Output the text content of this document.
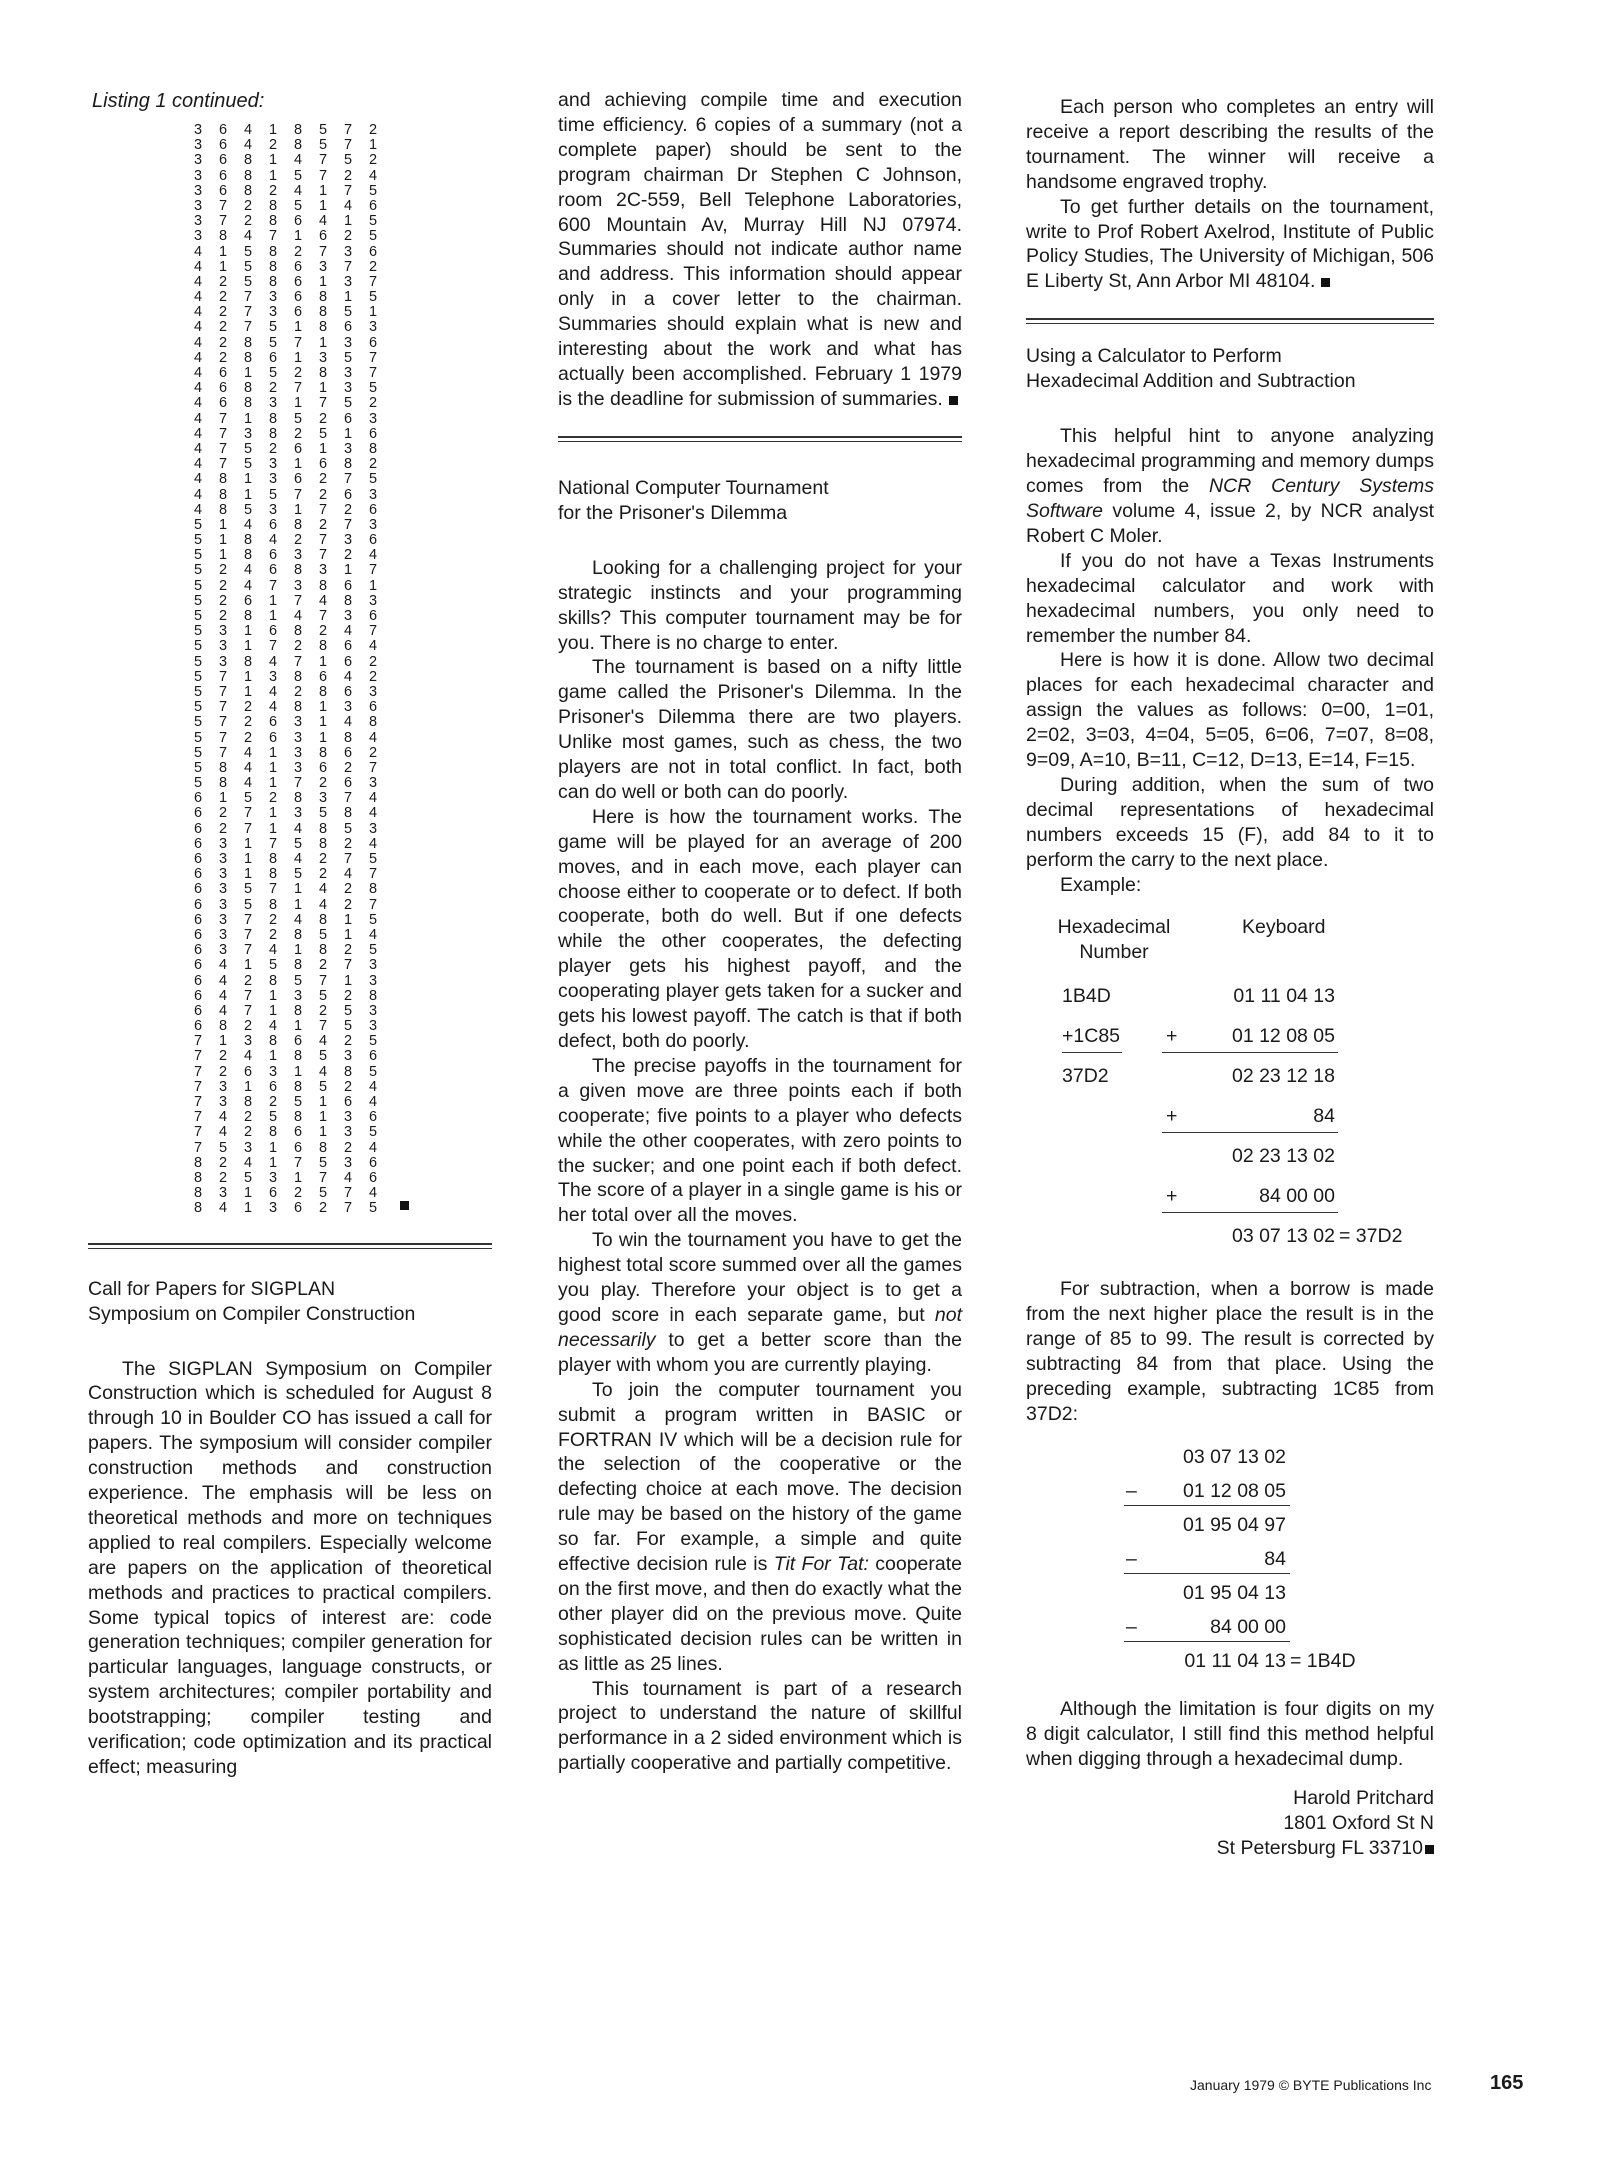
Listing 1 continued:
3	6	4	1	8	5	7	2
3	6	4	2	8	5	7	1
3	6	8	1	4	7	5	2
3	6	8	1	5	7	2	4
3	6	8	2	4	1	7	5
3	7	2	8	5	1	4	6
3	7	2	8	6	4	1	5
3	8	4	7	1	6	2	5
4	1	5	8	2	7	3	6
4	1	5	8	6	3	7	2
4	2	5	8	6	1	3	7
4	2	7	3	6	8	1	5
4	2	7	3	6	8	5	1
4	2	7	5	1	8	6	3
4	2	8	5	7	1	3	6
4	2	8	6	1	3	5	7
4	6	1	5	2	8	3	7
4	6	8	2	7	1	3	5
4	6	8	3	1	7	5	2
4	7	1	8	5	2	6	3
4	7	3	8	2	5	1	6
4	7	5	2	6	1	3	8
4	7	5	3	1	6	8	2
4	8	1	3	6	2	7	5
4	8	1	5	7	2	6	3
4	8	5	3	1	7	2	6
5	1	4	6	8	2	7	3
5	1	8	4	2	7	3	6
5	1	8	6	3	7	2	4
5	2	4	6	8	3	1	7
5	2	4	7	3	8	6	1
5	2	6	1	7	4	8	3
5	2	8	1	4	7	3	6
5	3	1	6	8	2	4	7
5	3	1	7	2	8	6	4
5	3	8	4	7	1	6	2
5	7	1	3	8	6	4	2
5	7	1	4	2	8	6	3
5	7	2	4	8	1	3	6
5	7	2	6	3	1	4	8
5	7	2	6	3	1	8	4
5	7	4	1	3	8	6	2
5	8	4	1	3	6	2	7
5	8	4	1	7	2	6	3
6	1	5	2	8	3	7	4
6	2	7	1	3	5	8	4
6	2	7	1	4	8	5	3
6	3	1	7	5	8	2	4
6	3	1	8	4	2	7	5
6	3	1	8	5	2	4	7
6	3	5	7	1	4	2	8
6	3	5	8	1	4	2	7
6	3	7	2	4	8	1	5
6	3	7	2	8	5	1	4
6	3	7	4	1	8	2	5
6	4	1	5	8	2	7	3
6	4	2	8	5	7	1	3
6	4	7	1	3	5	2	8
6	4	7	1	8	2	5	3
6	8	2	4	1	7	5	3
7	1	3	8	6	4	2	5
7	2	4	1	8	5	3	6
7	2	6	3	1	4	8	5
7	3	1	6	8	5	2	4
7	3	8	2	5	1	6	4
7	4	2	5	8	1	3	6
7	4	2	8	6	1	3	5
7	5	3	1	6	8	2	4
8	2	4	1	7	5	3	6
8	2	5	3	1	7	4	6
8	3	1	6	2	5	7	4
8	4	1	3	6	2	7	5
Call for Papers for SIGPLAN
Symposium on Compiler Construction

The SIGPLAN Symposium on Compiler Construction which is scheduled for August 8 through 10 in Boulder CO has issued a call for papers. The symposium will consider compiler construction methods and construction experience. The emphasis will be less on theoretical methods and more on techniques applied to real compilers. Especially welcome are papers on the application of theoretical methods and practices to practical compilers. Some typical topics of interest are: code generation techniques; compiler generation for particular languages, language constructs, or system architectures; compiler portability and bootstrapping; compiler testing and verification; code optimization and its practical effect; measuring

and achieving compile time and execution time efficiency. 6 copies of a summary (not a complete paper) should be sent to the program chairman Dr Stephen C Johnson, room 2C-559, Bell Telephone Laboratories, 600 Mountain Av, Murray Hill NJ 07974. Summaries should not indicate author name and address. This information should appear only in a cover letter to the chairman. Summaries should explain what is new and interesting about the work and what has actually been accomplished. February 1 1979 is the deadline for submission of summaries.

National Computer Tournament
for the Prisoner's Dilemma

Looking for a challenging project for your strategic instincts and your programming skills? This computer tournament may be for you. There is no charge to enter.

The tournament is based on a nifty little game called the Prisoner's Dilemma. In the Prisoner's Dilemma there are two players. Unlike most games, such as chess, the two players are not in total conflict. In fact, both can do well or both can do poorly.

Here is how the tournament works. The game will be played for an average of 200 moves, and in each move, each player can choose either to cooperate or to defect. If both cooperate, both do well. But if one defects while the other cooperates, the defecting player gets his highest payoff, and the cooperating player gets taken for a sucker and gets his lowest payoff. The catch is that if both defect, both do poorly.

The precise payoffs in the tournament for a given move are three points each if both cooperate; five points to a player who defects while the other cooperates, with zero points to the sucker; and one point each if both defect. The score of a player in a single game is his or her total over all the moves.

To win the tournament you have to get the highest total score summed over all the games you play. Therefore your object is to get a good score in each separate game, but not necessarily to get a better score than the player with whom you are currently playing.

To join the computer tournament you submit a program written in BASIC or FORTRAN IV which will be a decision rule for the selection of the cooperative or the defecting choice at each move. The decision rule may be based on the history of the game so far. For example, a simple and quite effective decision rule is Tit For Tat: cooperate on the first move, and then do exactly what the other player did on the previous move. Quite sophisticated decision rules can be written in as little as 25 lines.

This tournament is part of a research project to understand the nature of skillful performance in a 2 sided environment which is partially cooperative and partially competitive.

Each person who completes an entry will receive a report describing the results of the tournament. The winner will receive a handsome engraved trophy.

To get further details on the tournament, write to Prof Robert Axelrod, Institute of Public Policy Studies, The University of Michigan, 506 E Liberty St, Ann Arbor MI 48104.

Using a Calculator to Perform
Hexadecimal Addition and Subtraction

This helpful hint to anyone analyzing hexadecimal programming and memory dumps comes from the NCR Century Systems Software volume 4, issue 2, by NCR analyst Robert C Moler.

If you do not have a Texas Instruments hexadecimal calculator and work with hexadecimal numbers, you only need to remember the number 84.

Here is how it is done. Allow two decimal places for each hexadecimal character and assign the values as follows: 0=00, 1=01, 2=02, 3=03, 4=04, 5=05, 6=06, 7=07, 8=08, 9=09, A=10, B=11, C=12, D=13, E=14, F=15.

During addition, when the sum of two decimal representations of hexadecimal numbers exceeds 15 (F), add 84 to it to perform the carry to the next place.

Example:

Hexadecimal
Number
Keyboard
1B4D	01 11 04 13
+1C85 +	01 12 08 05
37D2	02 23 12 18
+	84
02 23 13 02
+	84 00 00
03 07 13 02 = 37D2

For subtraction, when a borrow is made from the next higher place the result is in the range of 85 to 99. The result is corrected by subtracting 84 from that place. Using the preceding example, subtracting 1C85 from 37D2:

03 07 13 02
–	01 12 08 05
01 95 04 97
–	84
01 95 04 13
–	84 00 00
01 11 04 13 = 1B4D

Although the limitation is four digits on my 8 digit calculator, I still find this method helpful when digging through a hexadecimal dump.

Harold Pritchard
1801 Oxford St N
St Petersburg FL 33710
January 1979 © BYTE Publications Inc	165
